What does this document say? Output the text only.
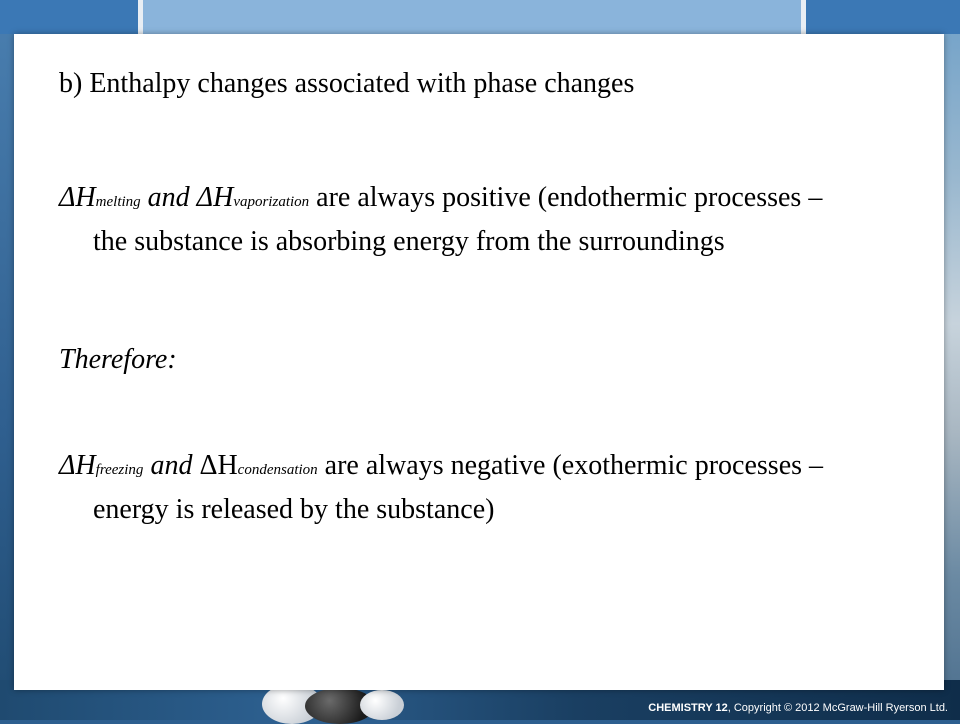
b) Enthalpy changes associated with phase changes
ΔHmelting and ΔHvaporization are always positive (endothermic processes – the substance is absorbing energy from the surroundings
Therefore:
ΔHfreezing and ΔHcondensation are always negative (exothermic processes – energy is released by the substance)
CHEMISTRY 12, Copyright © 2012 McGraw-Hill Ryerson Ltd.
